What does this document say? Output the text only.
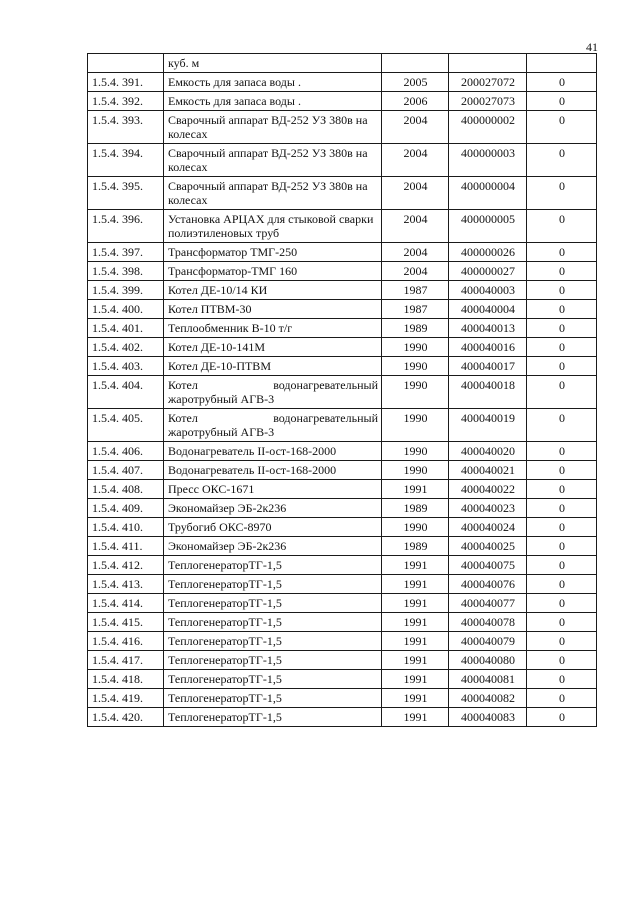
41
	куб. м			
1.5.4. 391.	Емкость для запаса воды .	2005	200027072	0
1.5.4. 392.	Емкость для запаса воды .	2006	200027073	0
1.5.4. 393.	Сварочный аппарат ВД-252 УЗ 380в на колесах	2004	400000002	0
1.5.4. 394.	Сварочный аппарат ВД-252 УЗ 380в на колесах	2004	400000003	0
1.5.4. 395.	Сварочный аппарат ВД-252 УЗ 380в на колесах	2004	400000004	0
1.5.4. 396.	Установка АРЦАХ для стыковой сварки полиэтиленовых труб	2004	400000005	0
1.5.4. 397.	Трансформатор ТМГ-250	2004	400000026	0
1.5.4. 398.	Трансформатор-ТМГ 160	2004	400000027	0
1.5.4. 399.	Котел ДЕ-10/14 КИ	1987	400040003	0
1.5.4. 400.	Котел ПТВМ-30	1987	400040004	0
1.5.4. 401.	Теплообменник В-10 т/г	1989	400040013	0
1.5.4. 402.	Котел ДЕ-10-141М	1990	400040016	0
1.5.4. 403.	Котел ДЕ-10-ПТВМ	1990	400040017	0
1.5.4. 404.	Котел водонагревательный жаротрубный АГВ-3	1990	400040018	0
1.5.4. 405.	Котел водонагревательный жаротрубный АГВ-3	1990	400040019	0
1.5.4. 406.	Водонагреватель II-ост-168-2000	1990	400040020	0
1.5.4. 407.	Водонагреватель II-ост-168-2000	1990	400040021	0
1.5.4. 408.	Пресс ОКС-1671	1991	400040022	0
1.5.4. 409.	Экономайзер ЭБ-2к236	1989	400040023	0
1.5.4. 410.	Трубогиб ОКС-8970	1990	400040024	0
1.5.4. 411.	Экономайзер ЭБ-2к236	1989	400040025	0
1.5.4. 412.	ТеплогенераторТГ-1,5	1991	400040075	0
1.5.4. 413.	ТеплогенераторТГ-1,5	1991	400040076	0
1.5.4. 414.	ТеплогенераторТГ-1,5	1991	400040077	0
1.5.4. 415.	ТеплогенераторТГ-1,5	1991	400040078	0
1.5.4. 416.	ТеплогенераторТГ-1,5	1991	400040079	0
1.5.4. 417.	ТеплогенераторТГ-1,5	1991	400040080	0
1.5.4. 418.	ТеплогенераторТГ-1,5	1991	400040081	0
1.5.4. 419.	ТеплогенераторТГ-1,5	1991	400040082	0
1.5.4. 420.	ТеплогенераторТГ-1,5	1991	400040083	0
